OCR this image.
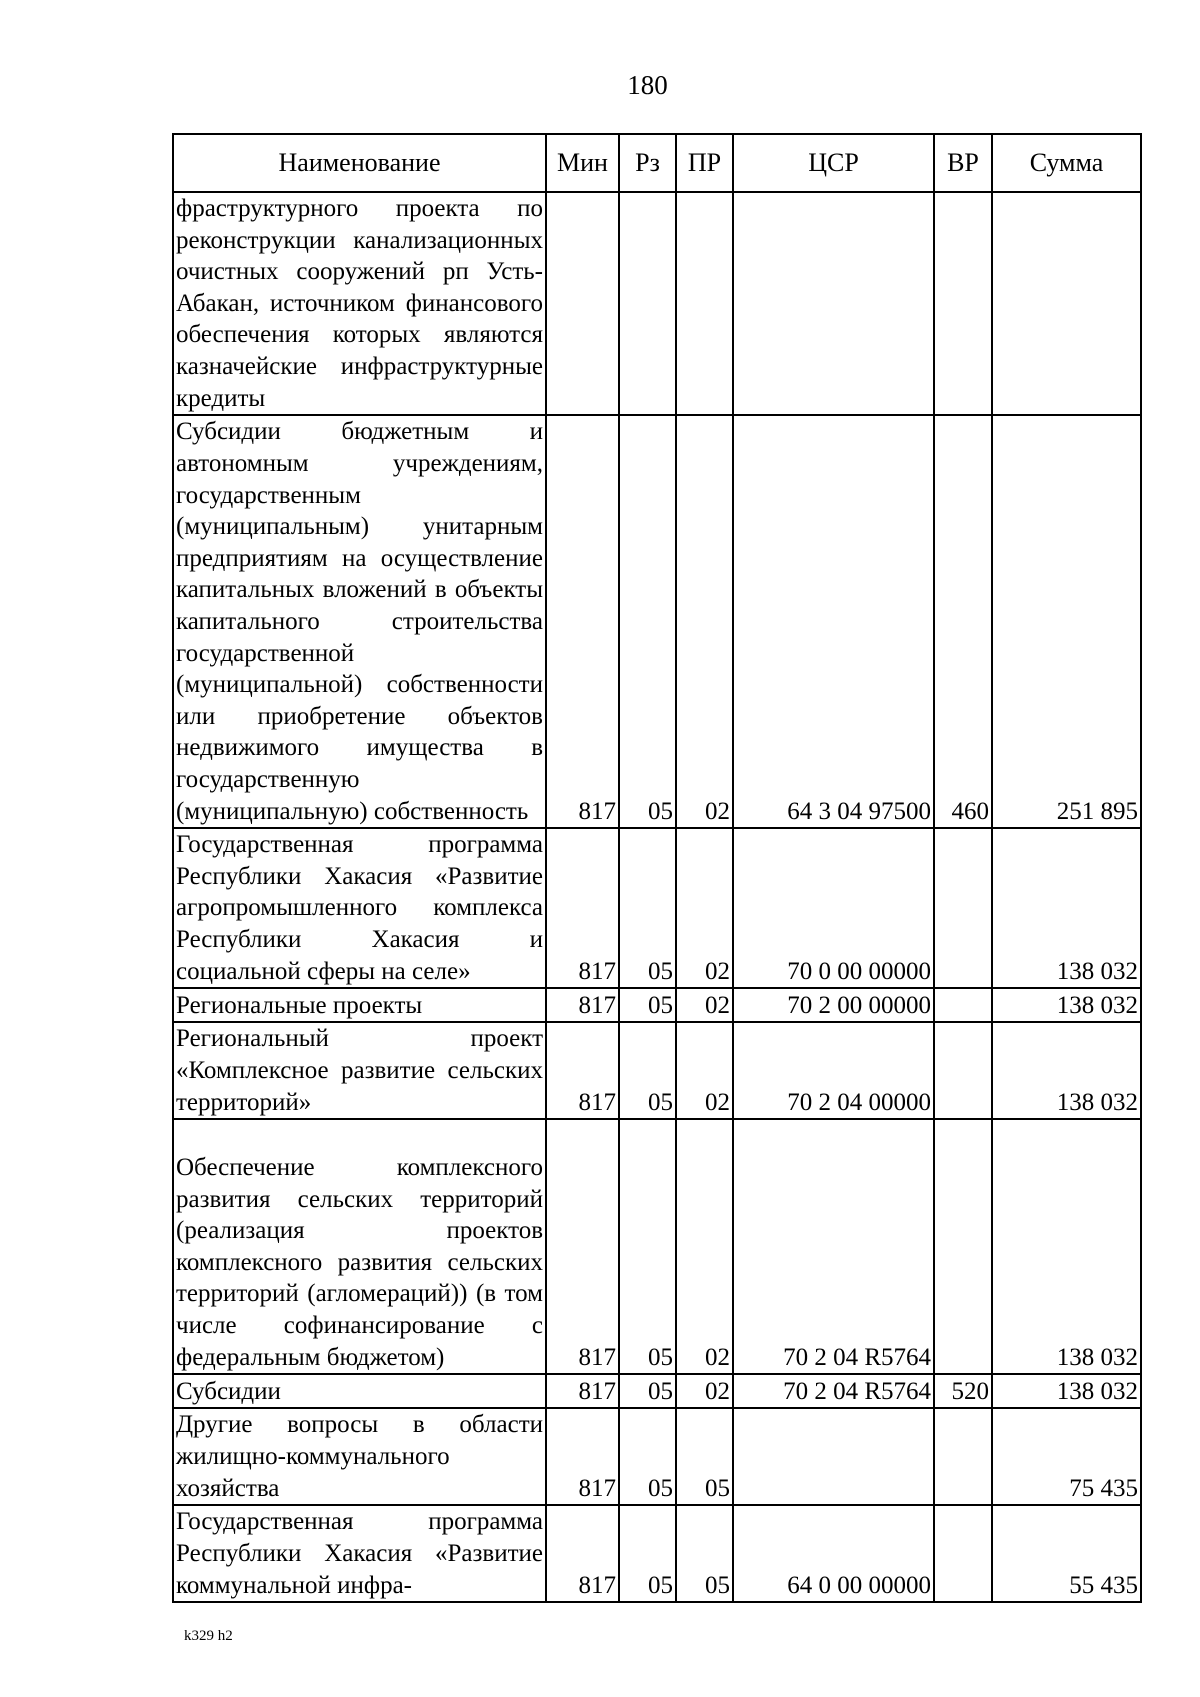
180
Наименование	Мин	Рз	ПР	ЦСР	ВР	Сумма
фраструктурного проекта по реконструкции канализационных очистных сооружений рп Усть-Абакан, источником финансового обеспечения которых являются казначейские инфраструктурные кредиты						
Субсидии бюджетным и автономным учреждениям, государственным (муниципальным) унитарным предприятиям на осуществление капитальных вложений в объекты капитального строительства государственной (муниципальной) собственности или приобретение объектов недвижимого имущества в государственную (муниципальную) собственность	817	05	02	64 3 04 97500	460	251 895
Государственная программа Республики Хакасия «Развитие агропромышленного комплекса Республики Хакасия и социальной сферы на селе»	817	05	02	70 0 00 00000		138 032
Региональные проекты	817	05	02	70 2 00 00000		138 032
Региональный проект «Комплексное развитие сельских территорий»	817	05	02	70 2 04 00000		138 032
Обеспечение комплексного развития сельских территорий (реализация проектов комплексного развития сельских территорий (агломераций)) (в том числе софинансирование с федеральным бюджетом)	817	05	02	70 2 04 R5764		138 032
Субсидии	817	05	02	70 2 04 R5764	520	138 032
Другие вопросы в области жилищно-коммунального хозяйства	817	05	05			75 435
Государственная программа Республики Хакасия «Развитие коммунальной инфра-	817	05	05	64 0 00 00000		55 435
k329 h2
